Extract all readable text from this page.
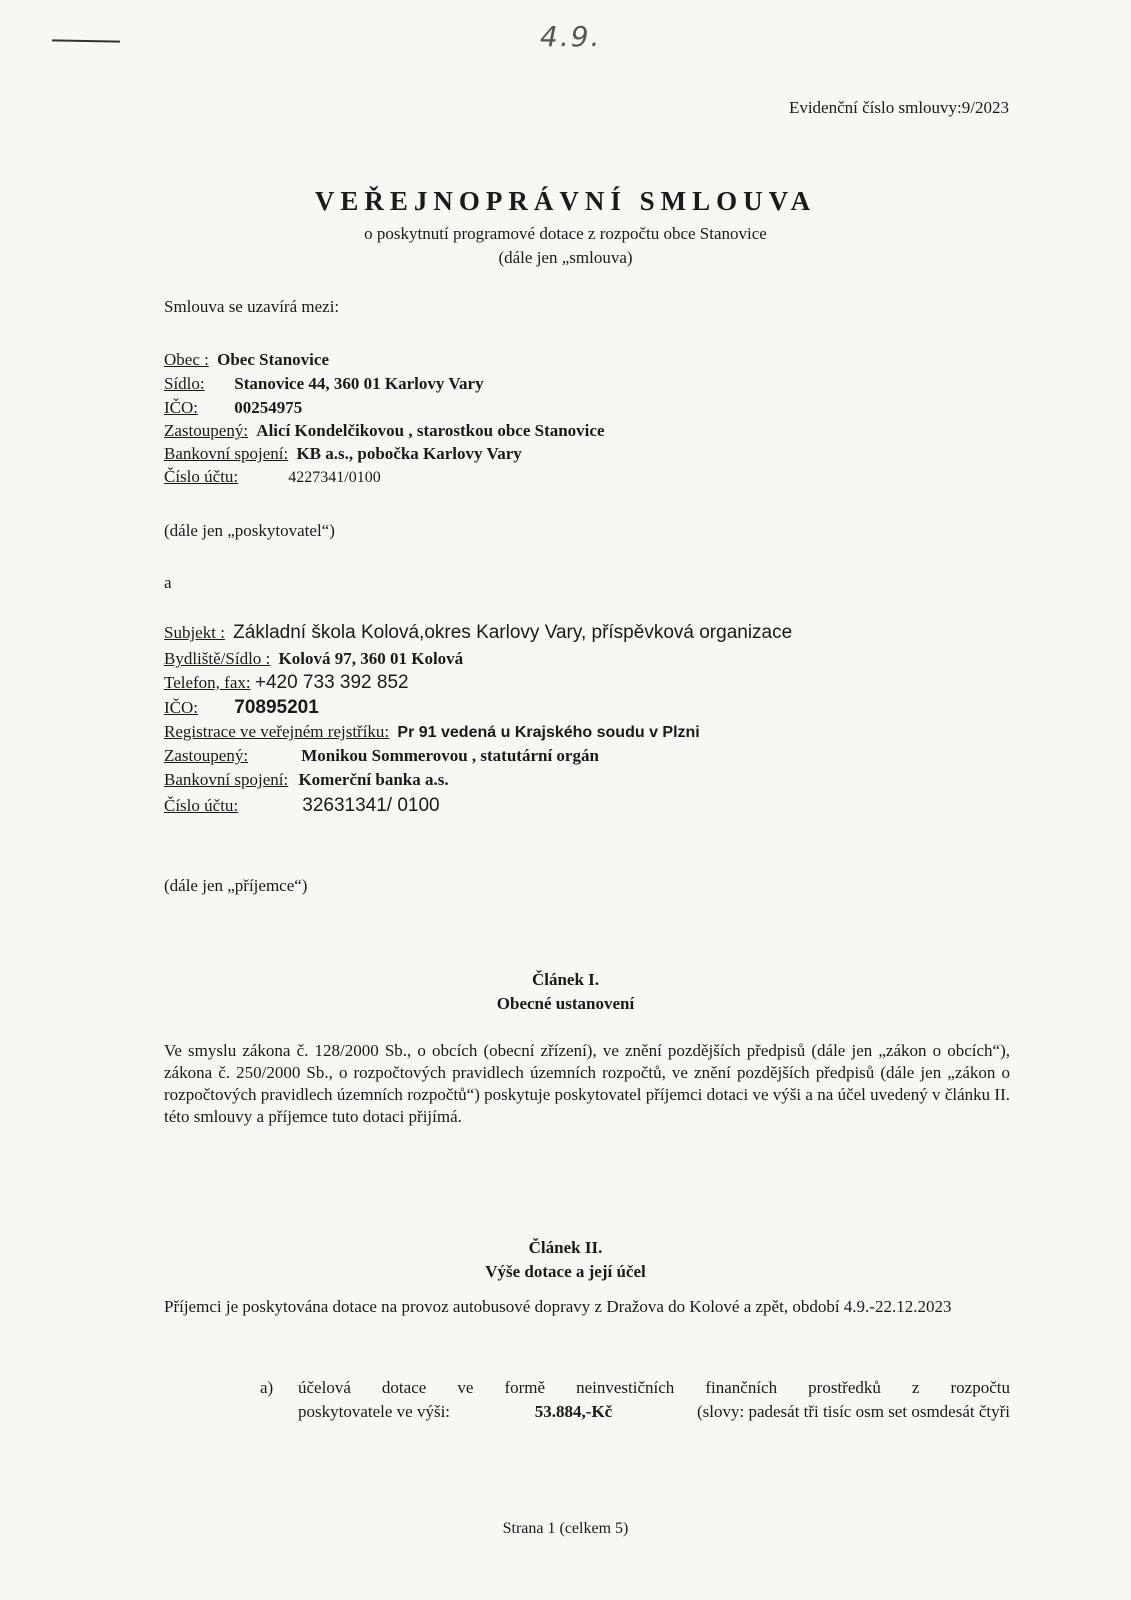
4.9.
Evidenční číslo smlouvy:9/2023
VEŘEJNOPRÁVNÍ SMLOUVA
o poskytnutí programové dotace z rozpočtu obce Stanovice
(dále jen „smlouva)
Smlouva se uzavírá mezi:
Obec : Obec Stanovice
Sídlo: Stanovice 44, 360 01 Karlovy Vary
IČO: 00254975
Zastoupený: Alicí Kondelčikovou , starostkou obce Stanovice
Bankovní spojení: KB a.s., pobočka Karlovy Vary
Číslo účtu:	4227341/0100
(dále jen „poskytovatel“)
a
Subjekt : Základní škola Kolová,okres Karlovy Vary, příspěvková organizace
Bydliště/Sídlo : Kolová 97, 360 01 Kolová
Telefon, fax: +420 733 392 852
IČO: 70895201
Registrace ve veřejném rejstříku: Pr 91 vedená u Krajského soudu v Plzni
Zastoupený:	Monikou Sommerovou , statutární orgán
Bankovní spojení: Komerční banka a.s.
Číslo účtu:	32631341/ 0100
(dále jen „příjemce“)
Článek I.
Obecné ustanovení
Ve smyslu zákona č. 128/2000 Sb., o obcích (obecní zřízení), ve znění pozdějších předpisů (dále jen „zákon o obcích“), zákona č. 250/2000 Sb., o rozpočtových pravidlech územních rozpočtů, ve znění pozdějších předpisů (dále jen „zákon o rozpočtových pravidlech územních rozpočtů“) poskytuje poskytovatel příjemci dotaci ve výši a na účel uvedený v článku II. této smlouvy a příjemce tuto dotaci přijímá.
Článek II.
Výše dotace a její účel
Příjemci je poskytována dotace na provoz autobusové dopravy z Dražova do Kolové a zpět, období 4.9.-22.12.2023
a) účelová dotace ve formě neinvestičních finančních prostředků z rozpočtu
poskytovatele ve výši:	53.884,-Kč	(slovy: padesát tři tisíc osm set osmdesát čtyři
Strana 1 (celkem 5)
